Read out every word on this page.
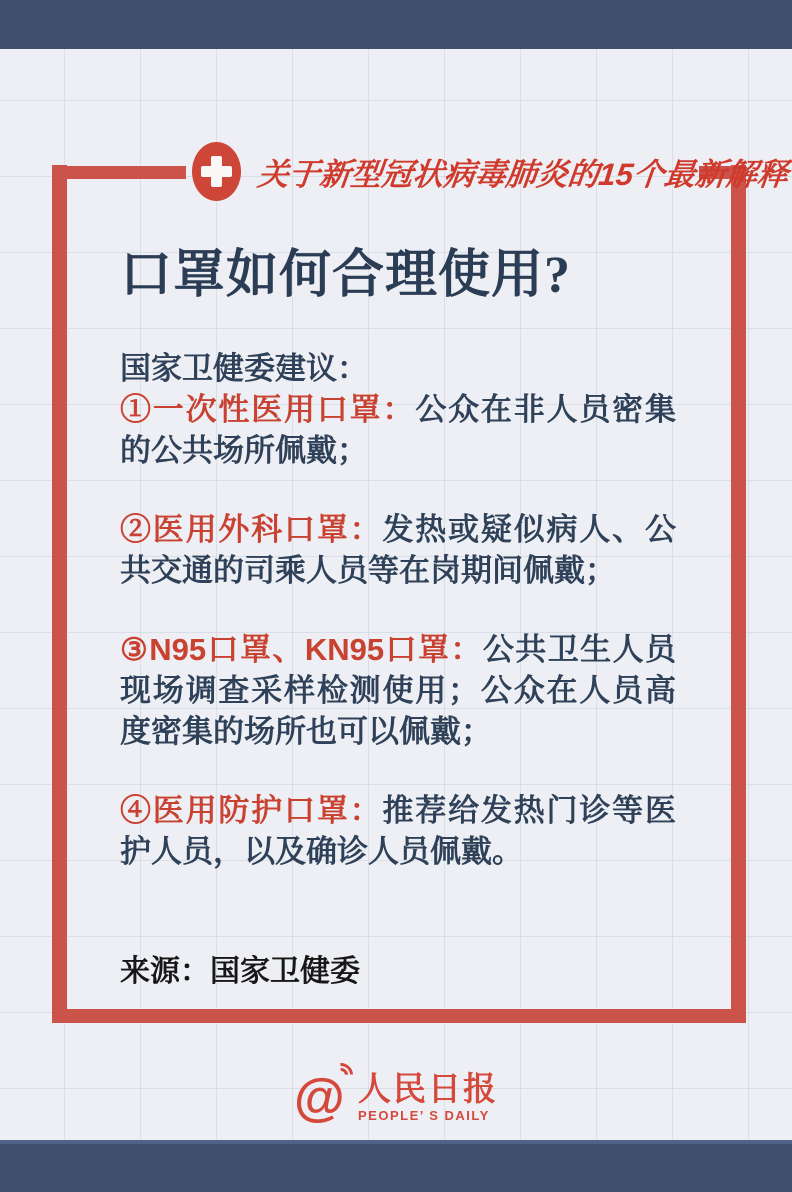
关于新型冠状病毒肺炎的15个最新解释
口罩如何合理使用?

国家卫健委建议：

①一次性医用口罩：公众在非人员密集的公共场所佩戴；

②医用外科口罩：发热或疑似病人、公共交通的司乘人员等在岗期间佩戴；

③N95口罩、KN95口罩：公共卫生人员现场调查采样检测使用；公众在人员高度密集的场所也可以佩戴；

④医用防护口罩：推荐给发热门诊等医护人员，以及确诊人员佩戴。

来源：国家卫健委

@ 人民日报
PEOPLE’ S DAILY
